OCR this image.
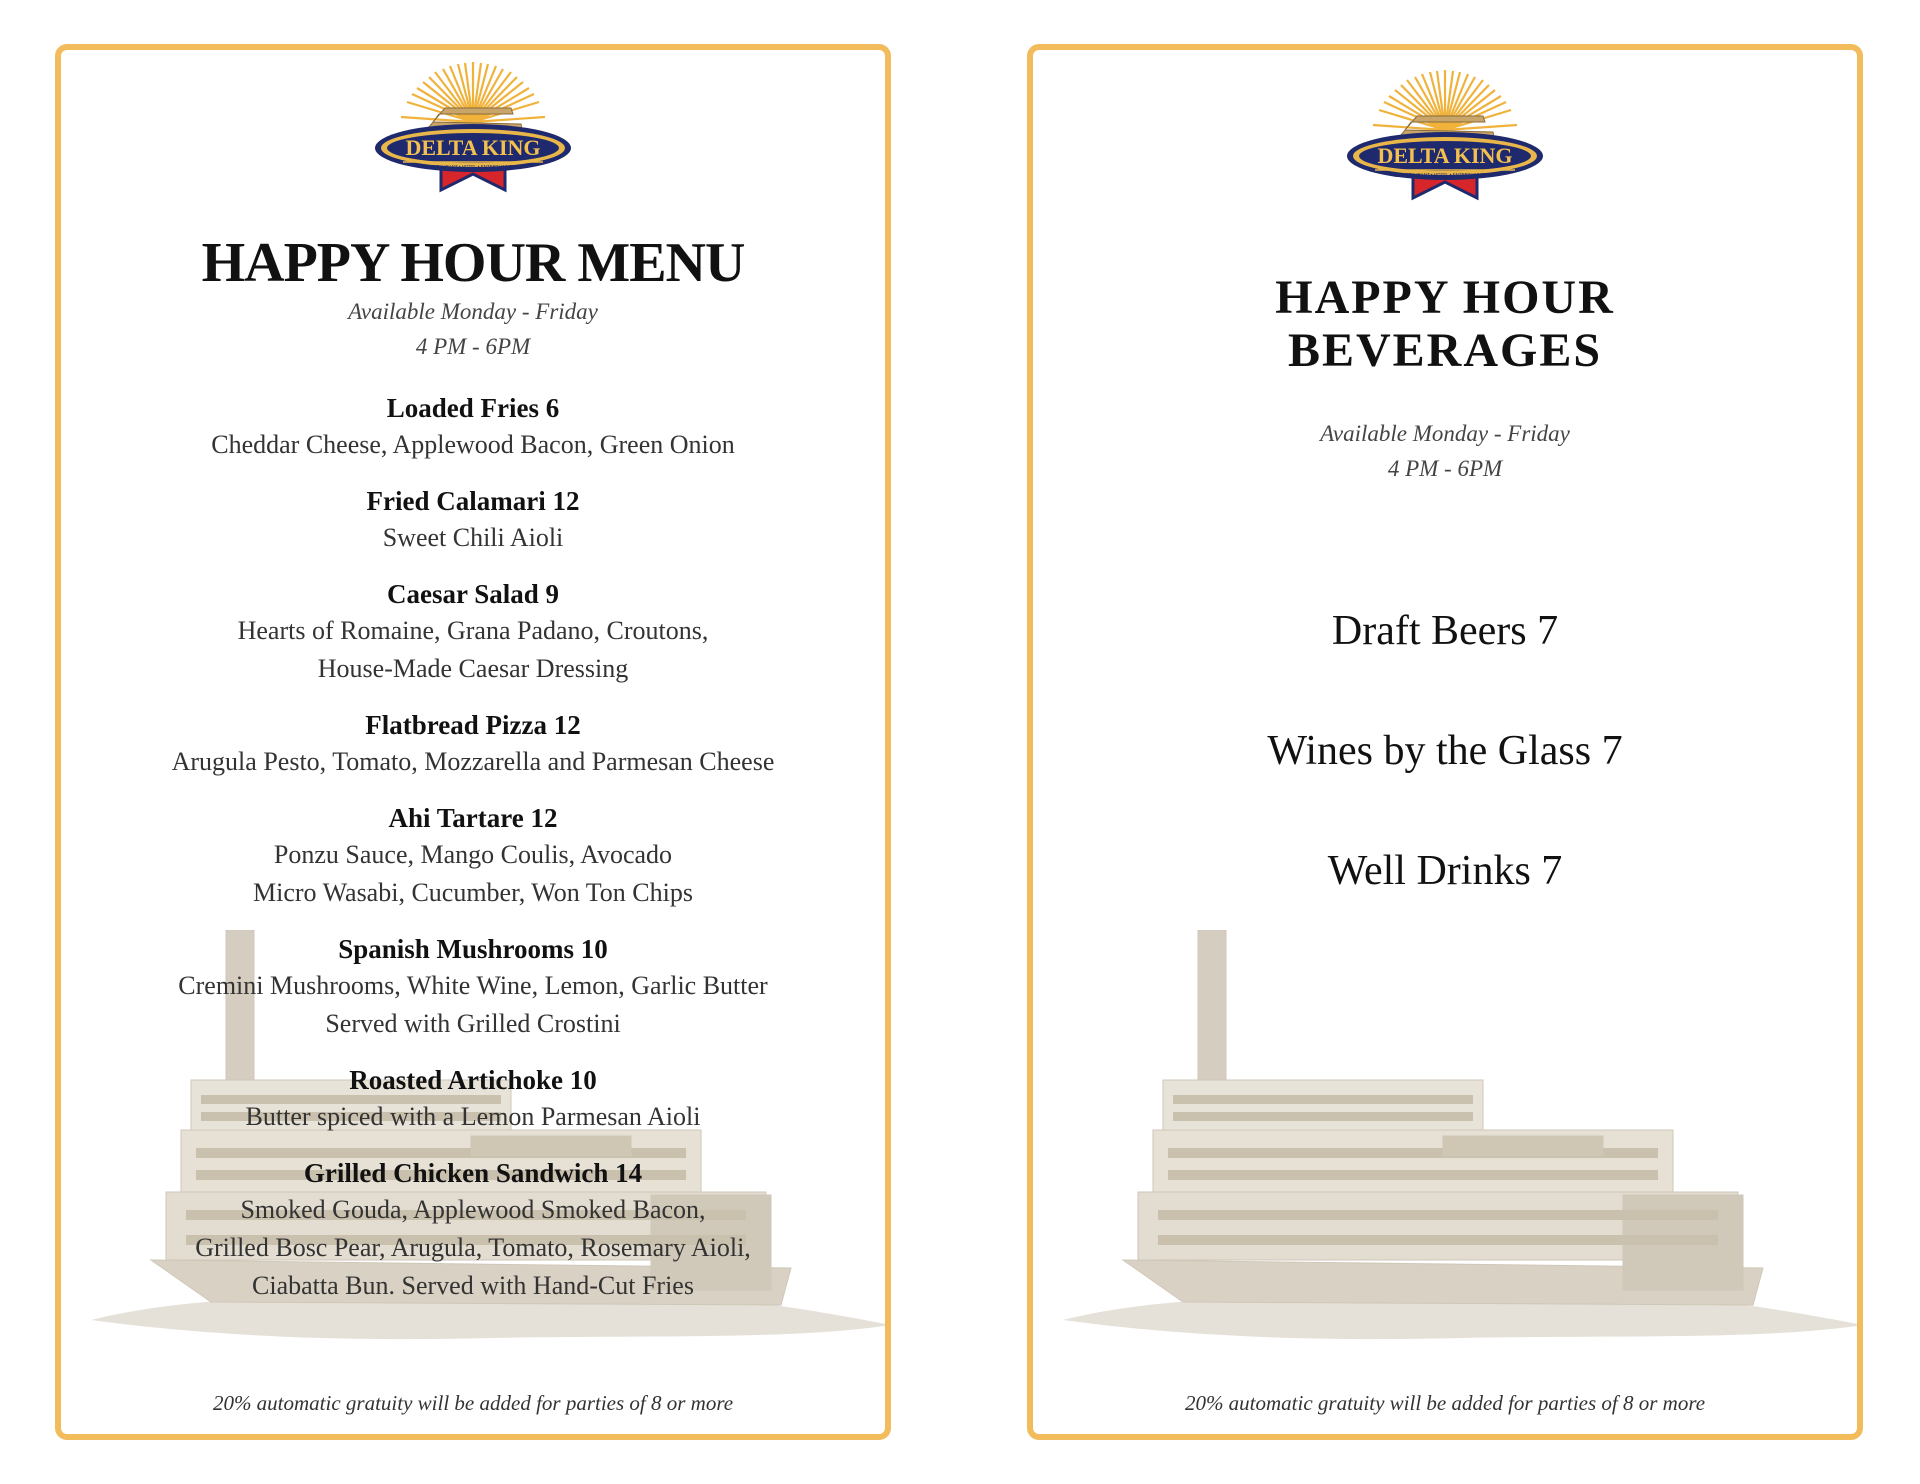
DELTA KING
RESTAURANT • HOTEL • ENTERTAINMENT
HAPPY HOUR MENU
Available Monday - Friday
4 PM - 6PM
Loaded Fries 6
Cheddar Cheese, Applewood Bacon, Green Onion
Fried Calamari 12
Sweet Chili Aioli
Caesar Salad 9
Hearts of Romaine, Grana Padano, Croutons,
House-Made Caesar Dressing
Flatbread Pizza 12
Arugula Pesto, Tomato, Mozzarella and Parmesan Cheese
Ahi Tartare 12
Ponzu Sauce, Mango Coulis, Avocado
Micro Wasabi, Cucumber, Won Ton Chips
Spanish Mushrooms 10
Cremini Mushrooms, White Wine, Lemon, Garlic Butter
Served with Grilled Crostini
Roasted Artichoke 10
Butter spiced with a Lemon Parmesan Aioli
Grilled Chicken Sandwich 14
Smoked Gouda, Applewood Smoked Bacon,
Grilled Bosc Pear, Arugula, Tomato, Rosemary Aioli,
Ciabatta Bun. Served with Hand-Cut Fries
20% automatic gratuity will be added for parties of 8 or more
DELTA KING
RESTAURANT • HOTEL • ENTERTAINMENT
HAPPY HOUR
BEVERAGES
Available Monday - Friday
4 PM - 6PM
Draft Beers 7
Wines by the Glass 7
Well Drinks 7
20% automatic gratuity will be added for parties of 8 or more
